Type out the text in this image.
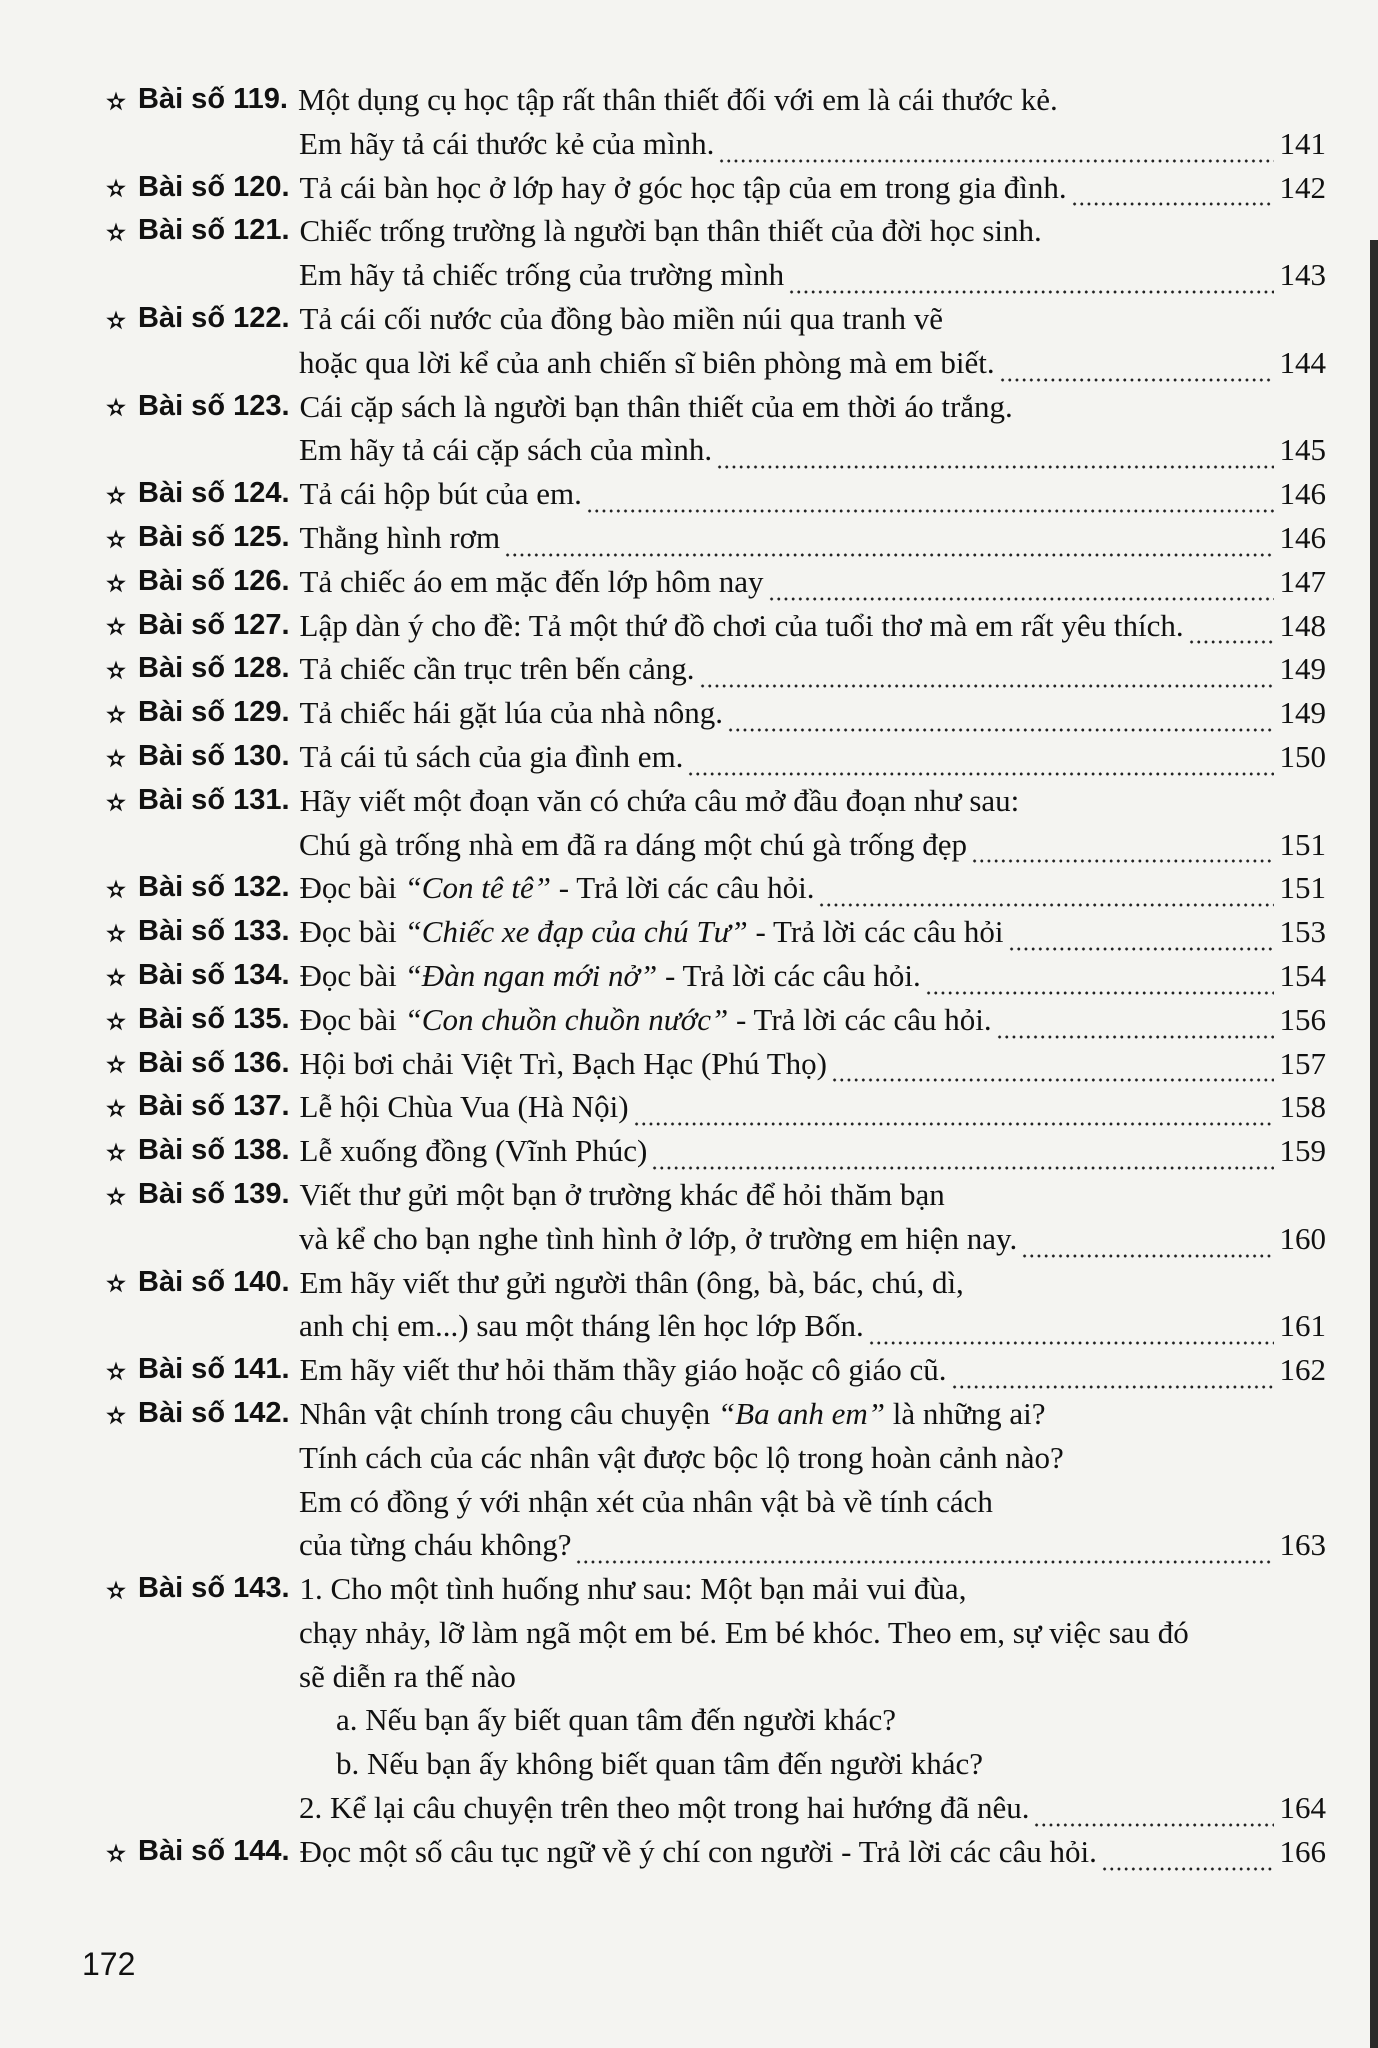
Bài số 119. Một dụng cụ học tập rất thân thiết đối với em là cái thước kẻ.
Em hãy tả cái thước kẻ của mình.	141
Bài số 120. Tả cái bàn học ở lớp hay ở góc học tập của em trong gia đình.	142
Bài số 121. Chiếc trống trường là người bạn thân thiết của đời học sinh.
Em hãy tả chiếc trống của trường mình	143
Bài số 122. Tả cái cối nước của đồng bào miền núi qua tranh vẽ
hoặc qua lời kể của anh chiến sĩ biên phòng mà em biết.	144
Bài số 123. Cái cặp sách là người bạn thân thiết của em thời áo trắng.
Em hãy tả cái cặp sách của mình.	145
Bài số 124. Tả cái hộp bút của em.	146
Bài số 125. Thằng hình rơm	146
Bài số 126. Tả chiếc áo em mặc đến lớp hôm nay	147
Bài số 127. Lập dàn ý cho đề: Tả một thứ đồ chơi của tuổi thơ mà em rất yêu thích.	148
Bài số 128. Tả chiếc cần trục trên bến cảng.	149
Bài số 129. Tả chiếc hái gặt lúa của nhà nông.	149
Bài số 130. Tả cái tủ sách của gia đình em.	150
Bài số 131. Hãy viết một đoạn văn có chứa câu mở đầu đoạn như sau:
Chú gà trống nhà em đã ra dáng một chú gà trống đẹp	151
Bài số 132. Đọc bài “Con tê tê” - Trả lời các câu hỏi.	151
Bài số 133. Đọc bài “Chiếc xe đạp của chú Tư” - Trả lời các câu hỏi	153
Bài số 134. Đọc bài “Đàn ngan mới nở” - Trả lời các câu hỏi.	154
Bài số 135. Đọc bài “Con chuồn chuồn nước” - Trả lời các câu hỏi.	156
Bài số 136. Hội bơi chải Việt Trì, Bạch Hạc (Phú Thọ)	157
Bài số 137. Lễ hội Chùa Vua (Hà Nội)	158
Bài số 138. Lễ xuống đồng (Vĩnh Phúc)	159
Bài số 139. Viết thư gửi một bạn ở trường khác để hỏi thăm bạn
và kể cho bạn nghe tình hình ở lớp, ở trường em hiện nay.	160
Bài số 140. Em hãy viết thư gửi người thân (ông, bà, bác, chú, dì,
anh chị em...) sau một tháng lên học lớp Bốn.	161
Bài số 141. Em hãy viết thư hỏi thăm thầy giáo hoặc cô giáo cũ.	162
Bài số 142. Nhân vật chính trong câu chuyện “Ba anh em” là những ai?
Tính cách của các nhân vật được bộc lộ trong hoàn cảnh nào?
Em có đồng ý với nhận xét của nhân vật bà về tính cách
của từng cháu không?	163
Bài số 143. 1. Cho một tình huống như sau: Một bạn mải vui đùa,
chạy nhảy, lỡ làm ngã một em bé. Em bé khóc. Theo em, sự việc sau đó
sẽ diễn ra thế nào
a. Nếu bạn ấy biết quan tâm đến người khác?
b. Nếu bạn ấy không biết quan tâm đến người khác?
2. Kể lại câu chuyện trên theo một trong hai hướng đã nêu.	164
Bài số 144. Đọc một số câu tục ngữ về ý chí con người - Trả lời các câu hỏi.	166
172
